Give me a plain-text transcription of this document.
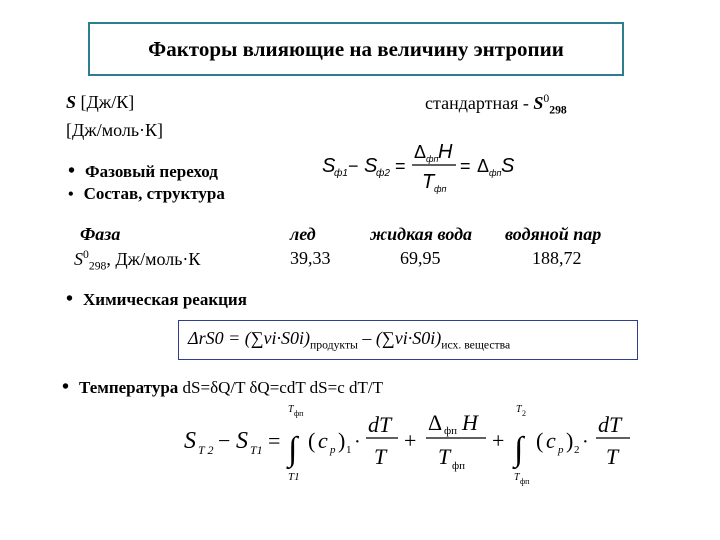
Факторы влияющие на величину энтропии
S [Дж/К]
[Дж/моль·К]
стандартная - $S^0_{298}$
• Фазовый переход
• Состав, структура
S
ф1 − S
ф2 =
Δ фп H
T фп
= Δ фп S
Фаза
$S^0_{298}$, Дж/моль·К
лед
39,33
жидкая вода
69,95
водяной пар
188,72
• Химическая реакция
$\Delta rS0 = (\sum\nu i\cdot S0i)_{продукты} - (\sum\nu i\cdot S0i)_{исх. вещества}$
• Температура dS=δQ/T δQ=cdT dS=c dT/T
S T 2 − S T1 =
T фп
∫
T1
( c p ) 1 ·
dT
T
+
Δ фп H
T фп
+
T 2
∫
T фп
( c p ) 2 ·
dT
T
